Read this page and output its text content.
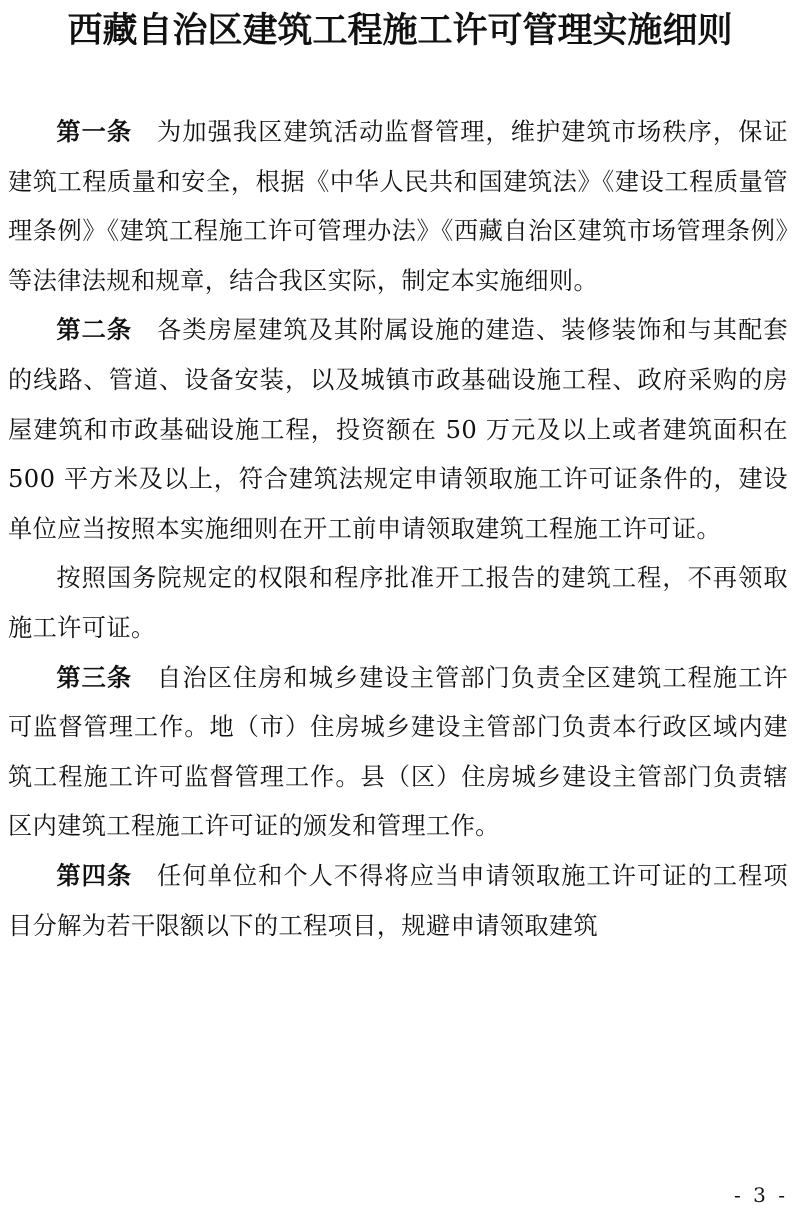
西藏自治区建筑工程施工许可管理实施细则

第一条 为加强我区建筑活动监督管理，维护建筑市场秩序，保证建筑工程质量和安全，根据《中华人民共和国建筑法》《建设工程质量管理条例》《建筑工程施工许可管理办法》《西藏自治区建筑市场管理条例》等法律法规和规章，结合我区实际，制定本实施细则。

第二条 各类房屋建筑及其附属设施的建造、装修装饰和与其配套的线路、管道、设备安装，以及城镇市政基础设施工程、政府采购的房屋建筑和市政基础设施工程，投资额在 50 万元及以上或者建筑面积在 500 平方米及以上，符合建筑法规定申请领取施工许可证条件的，建设单位应当按照本实施细则在开工前申请领取建筑工程施工许可证。

按照国务院规定的权限和程序批准开工报告的建筑工程，不再领取施工许可证。

第三条 自治区住房和城乡建设主管部门负责全区建筑工程施工许可监督管理工作。地（市）住房城乡建设主管部门负责本行政区域内建筑工程施工许可监督管理工作。县（区）住房城乡建设主管部门负责辖区内建筑工程施工许可证的颁发和管理工作。

第四条 任何单位和个人不得将应当申请领取施工许可证的工程项目分解为若干限额以下的工程项目，规避申请领取建筑

- 3 -
